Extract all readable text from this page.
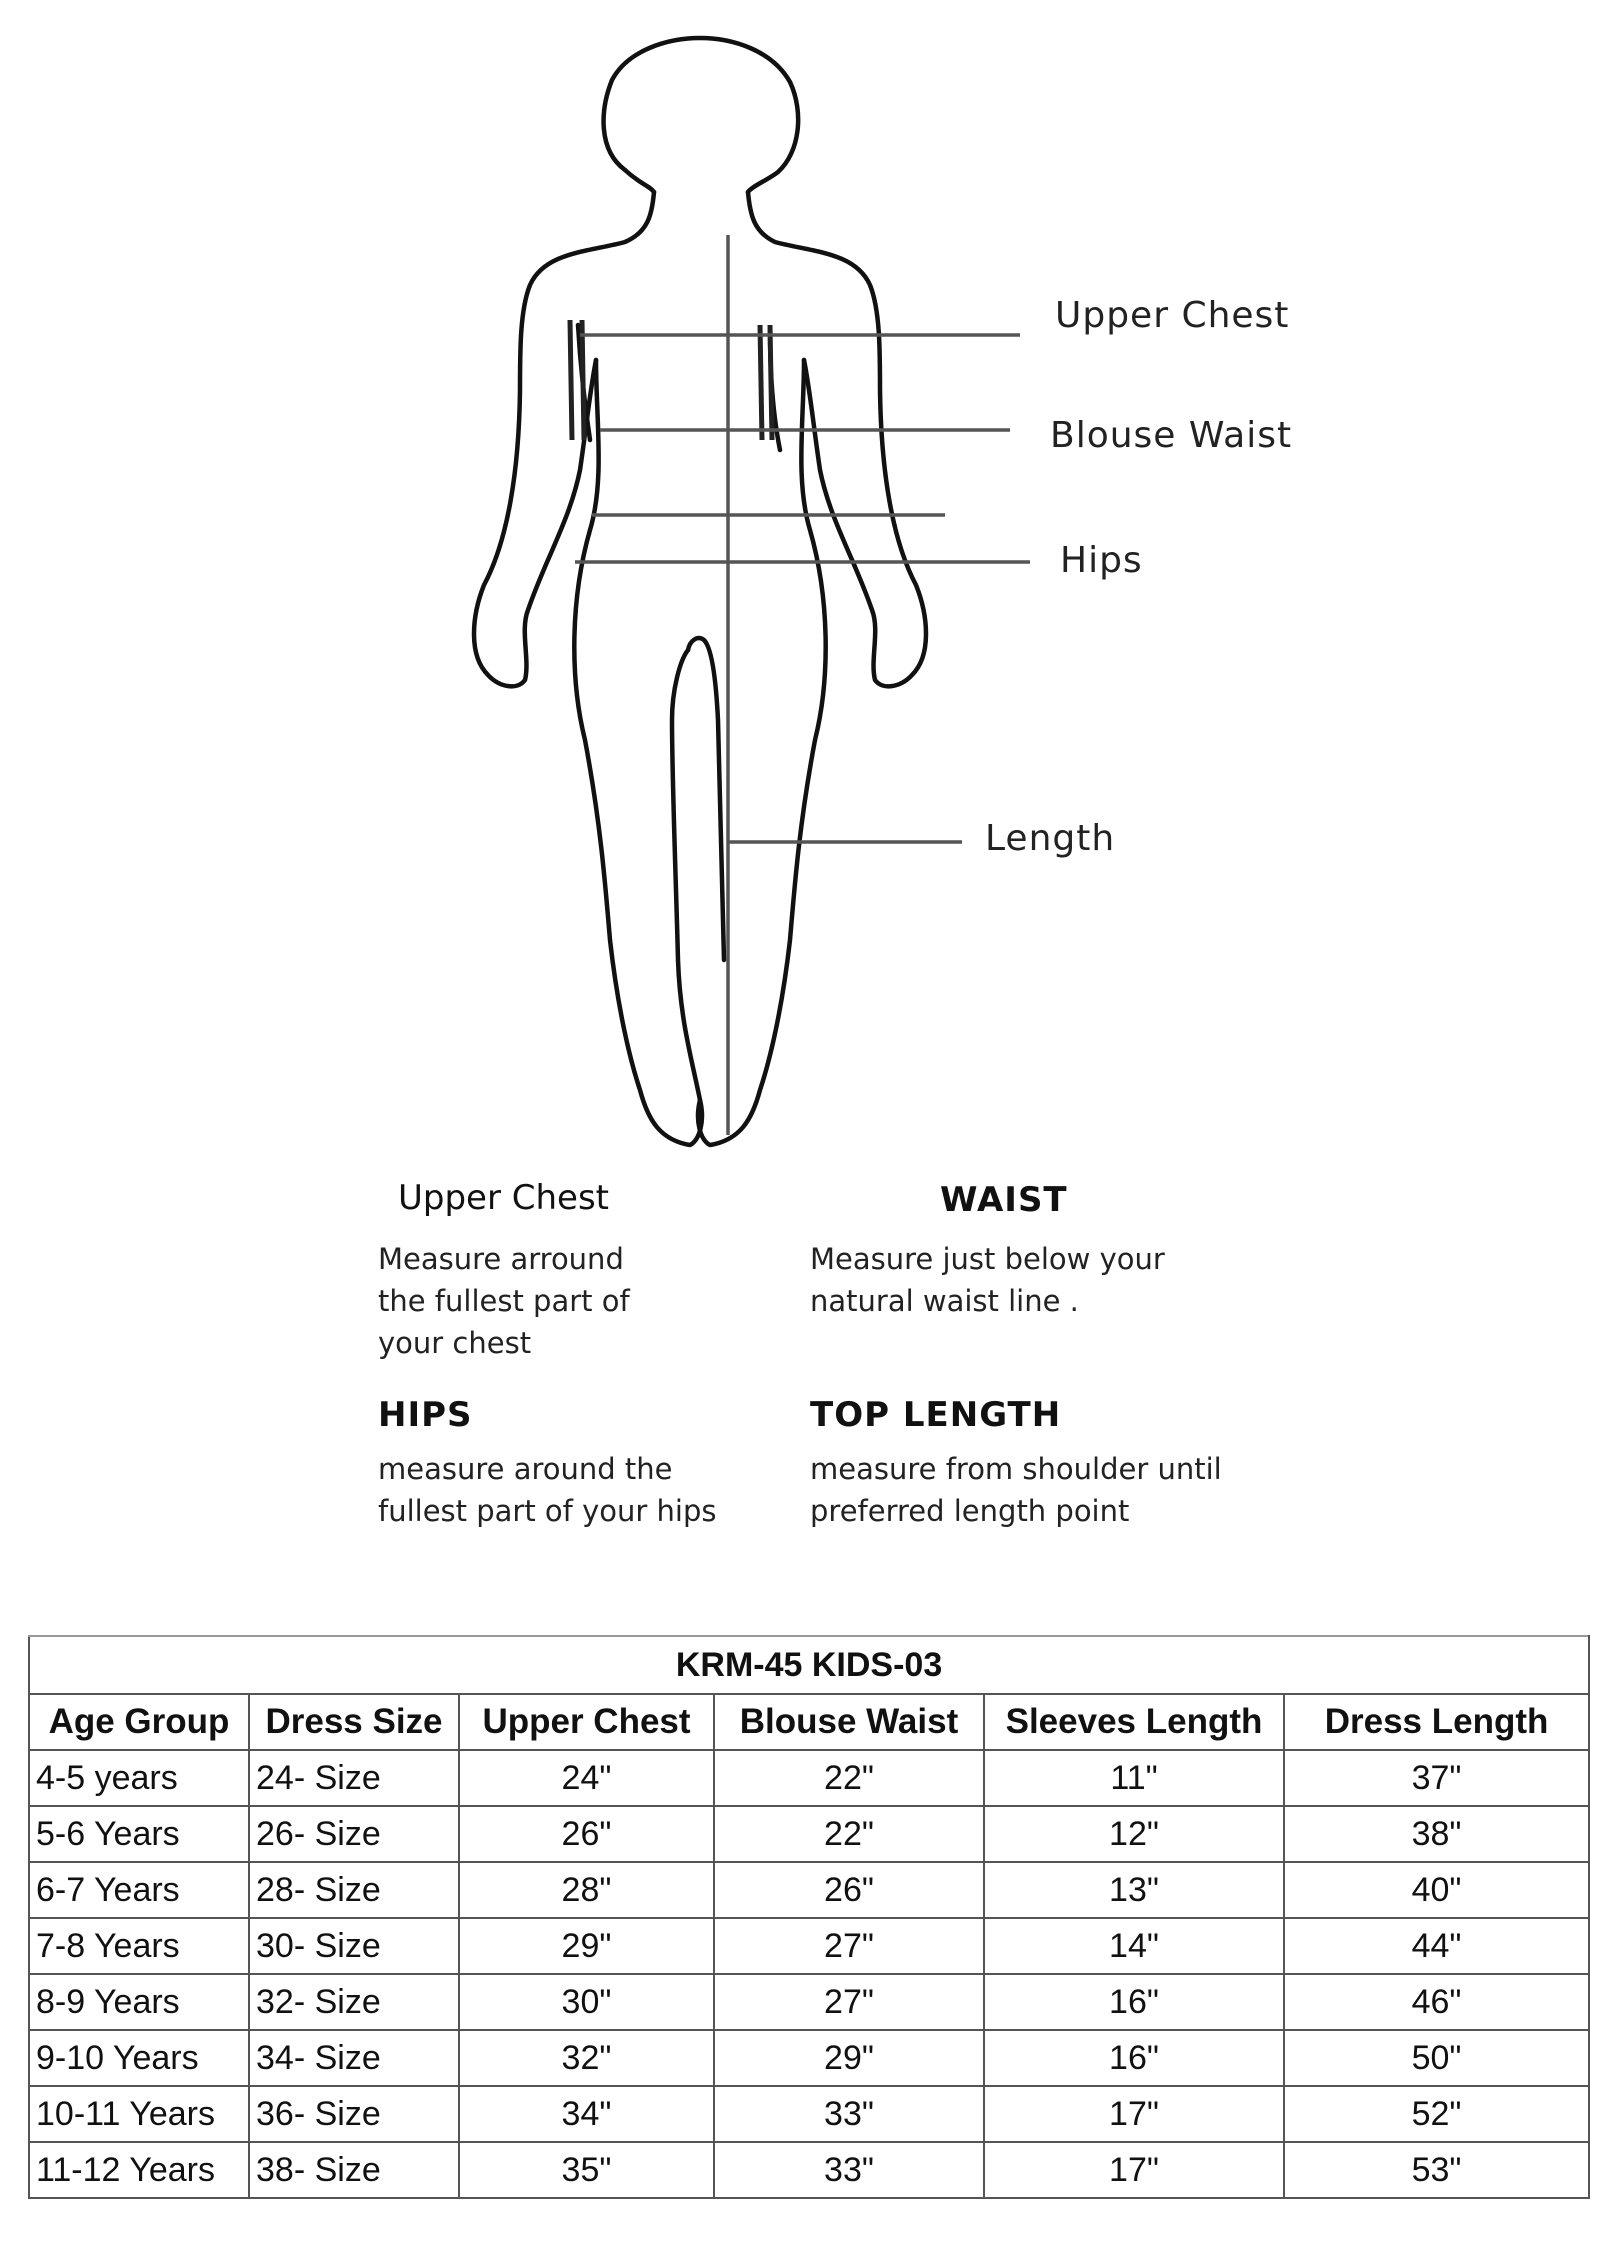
Upper Chest
Blouse Waist
Hips
Length
Upper Chest
Measure arround
the fullest part of
your chest
WAIST
Measure just below your
natural waist line .
HIPS
measure around the
fullest part of your hips
TOP LENGTH
measure from shoulder until
preferred length point
KRM-45 KIDS-03					
Age Group	Dress Size	Upper Chest	Blouse Waist	Sleeves Length	Dress Length
4-5 years	24- Size	24"	22"	11"	37"
5-6 Years	26- Size	26"	22"	12"	38"
6-7 Years	28- Size	28"	26"	13"	40"
7-8 Years	30- Size	29"	27"	14"	44"
8-9 Years	32- Size	30"	27"	16"	46"
9-10 Years	34- Size	32"	29"	16"	50"
10-11 Years	36- Size	34"	33"	17"	52"
11-12 Years	38- Size	35"	33"	17"	53"
